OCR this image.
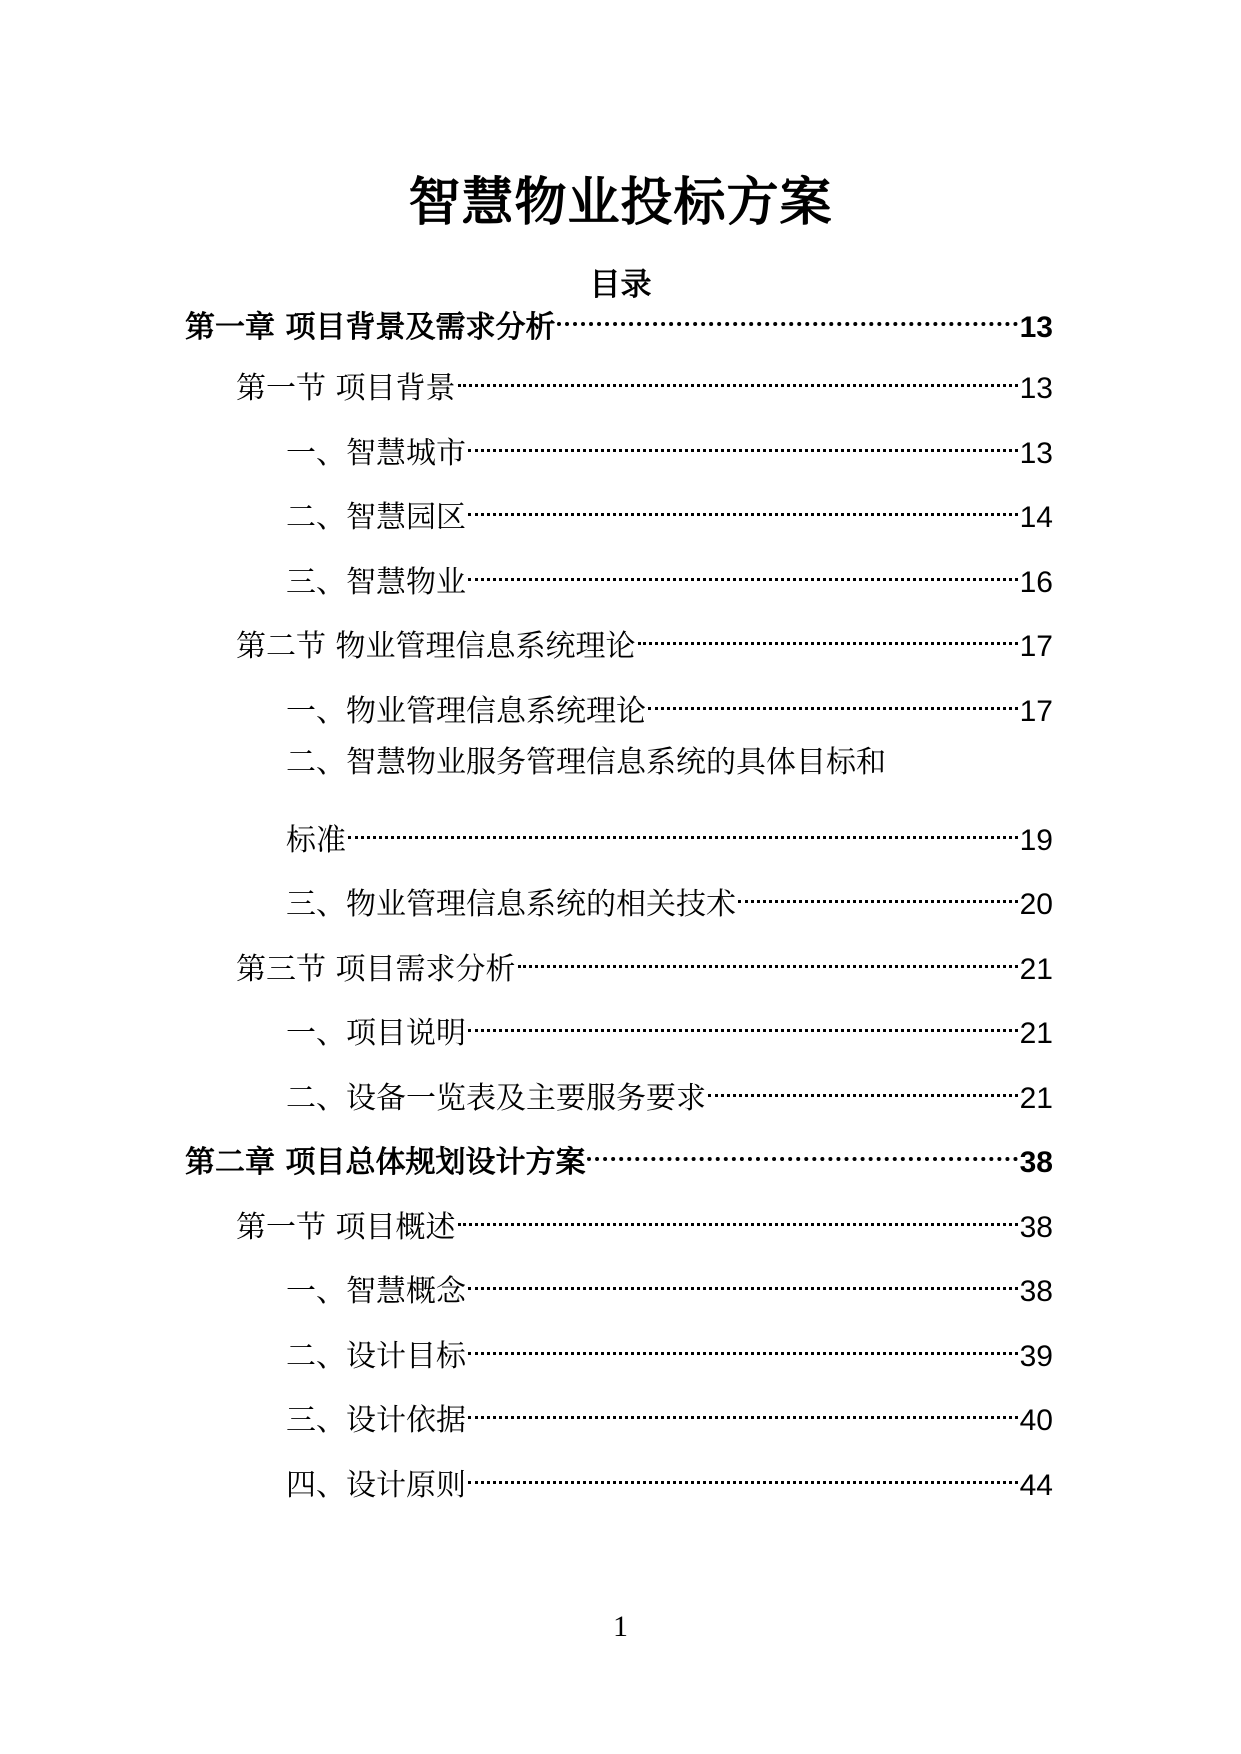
智慧物业投标方案
目录
第一章 项目背景及需求分析	13
第一节 项目背景	13
一、智慧城市	13
二、智慧园区	14
三、智慧物业	16
第二节 物业管理信息系统理论	17
一、物业管理信息系统理论	17
二、智慧物业服务管理信息系统的具体目标和
标准	19
三、物业管理信息系统的相关技术	20
第三节 项目需求分析	21
一、项目说明	21
二、设备一览表及主要服务要求	21
第二章 项目总体规划设计方案	38
第一节 项目概述	38
一、智慧概念	38
二、设计目标	39
三、设计依据	40
四、设计原则	44
1
